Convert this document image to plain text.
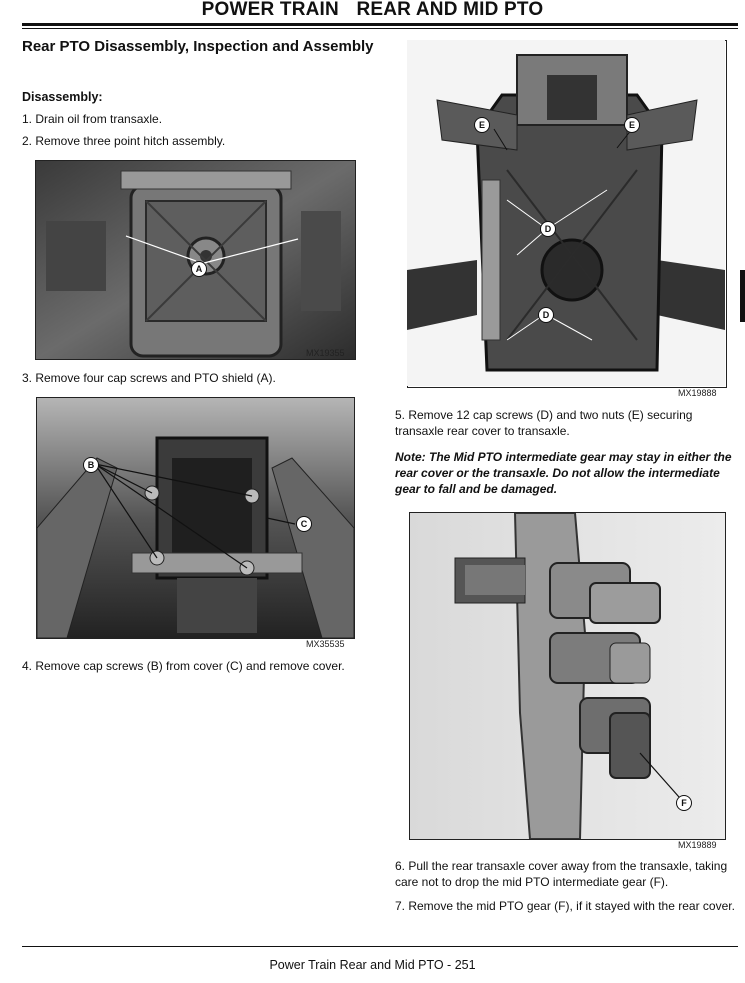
POWER TRAIN REAR AND MID PTO
Rear PTO Disassembly, Inspection and Assembly
Disassembly:
1. Drain oil from transaxle.
2. Remove three point hitch assembly.
A
MX19355
3. Remove four cap screws and PTO shield (A).
B
C
MX35535
4. Remove cap screws (B) from cover (C) and remove cover.
E	E
D
D
MX19888
5. Remove 12 cap screws (D) and two nuts (E) securing transaxle rear cover to transaxle.
Note: The Mid PTO intermediate gear may stay in either the rear cover or the transaxle. Do not allow the intermediate gear to fall and be damaged.
F
MX19889
6. Pull the rear transaxle cover away from the transaxle, taking care not to drop the mid PTO intermediate gear (F).
7. Remove the mid PTO gear (F), if it stayed with the rear cover.
Power Train Rear and Mid PTO - 251
